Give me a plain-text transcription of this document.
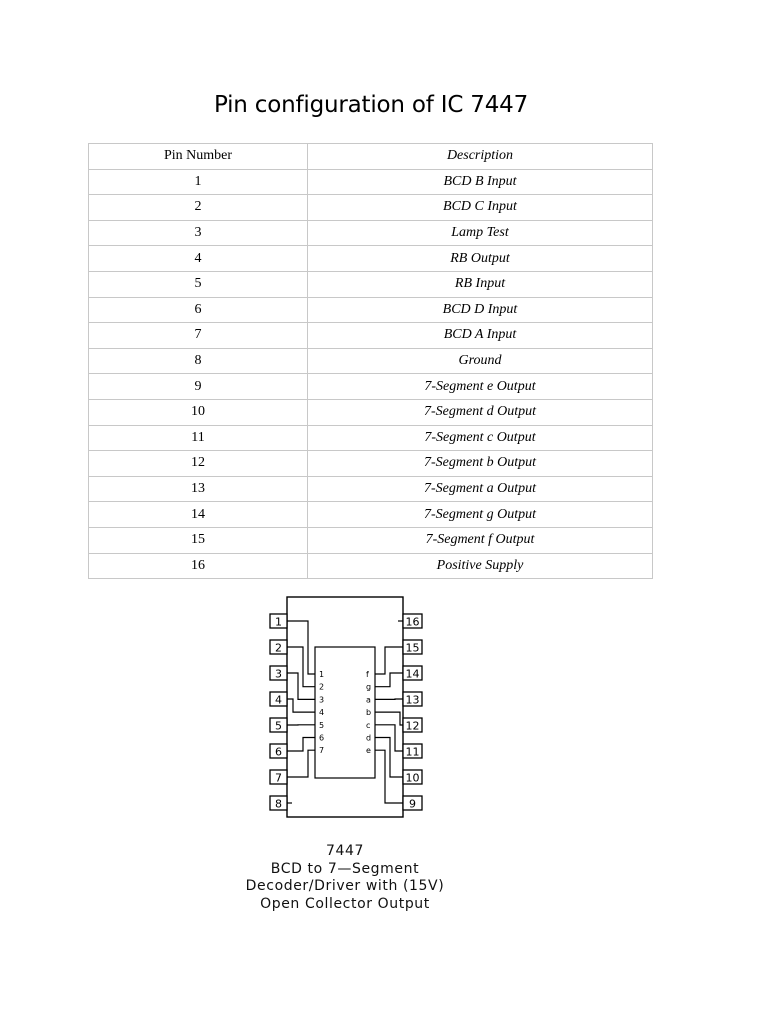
Pin configuration of IC 7447
Pin Number	Description
1	BCD B Input
2	BCD C Input
3	Lamp Test
4	RB Output
5	RB Input
6	BCD D Input
7	BCD A Input
8	Ground
9	7-Segment e Output
10	7-Segment d Output
11	7-Segment c Output
12	7-Segment b Output
13	7-Segment a Output
14	7-Segment g Output
15	7-Segment f Output
16	Positive Supply
1
2
3
4
5
6
7
8
16
15
14
13
12
11
10
9
1
2
3
4
5
6
7
f
g
a
b
c
d
e
7447
BCD to 7—Segment
Decoder/Driver with (15V)
Open Collector Output
